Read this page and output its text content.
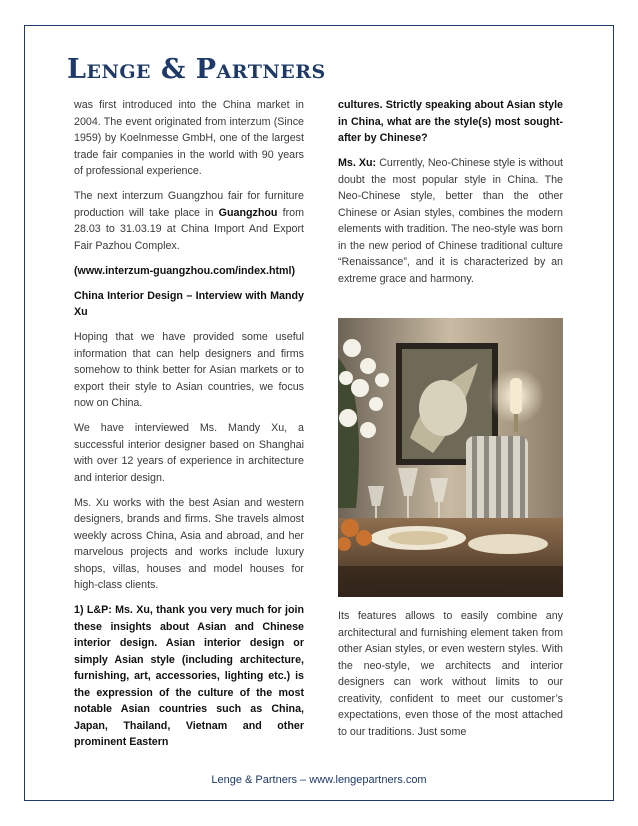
Lenge & Partners

was first introduced into the China market in 2004. The event originated from interzum (Since 1959) by Koelnmesse GmbH, one of the largest trade fair companies in the world with 90 years of professional experience.

The next interzum Guangzhou fair for furniture production will take place in Guangzhou from 28.03 to 31.03.19 at China Import And Export Fair Pazhou Complex.

(www.interzum-guangzhou.com/index.html)

China Interior Design – Interview with Mandy Xu

Hoping that we have provided some useful information that can help designers and firms somehow to think better for Asian markets or to export their style to Asian countries, we focus now on China.

We have interviewed Ms. Mandy Xu, a successful interior designer based on Shanghai with over 12 years of experience in architecture and interior design.

Ms. Xu works with the best Asian and western designers, brands and firms. She travels almost weekly across China, Asia and abroad, and her marvelous projects and works include luxury shops, villas, houses and model houses for high-class clients.

1) L&P: Ms. Xu, thank you very much for join these insights about Asian and Chinese interior design. Asian interior design or simply Asian style (including architecture, furnishing, art, accessories, lighting etc.) is the expression of the culture of the most notable Asian countries such as China, Japan, Thailand, Vietnam and other prominent Eastern

cultures. Strictly speaking about Asian style in China, what are the style(s) most sought-after by Chinese?

Ms. Xu: Currently, Neo-Chinese style is without doubt the most popular style in China. The Neo-Chinese style, better than the other Chinese or Asian styles, combines the modern elements with tradition. The neo-style was born in the new period of Chinese traditional culture “Renaissance”, and it is characterized by an extreme grace and harmony.

Its features allows to easily combine any architectural and furnishing element taken from other Asian styles, or even western styles. With the neo-style, we architects and interior designers can work without limits to our creativity, confident to meet our customer’s expectations, even those of the most attached to our traditions. Just some

Lenge & Partners – www.lengepartners.com
